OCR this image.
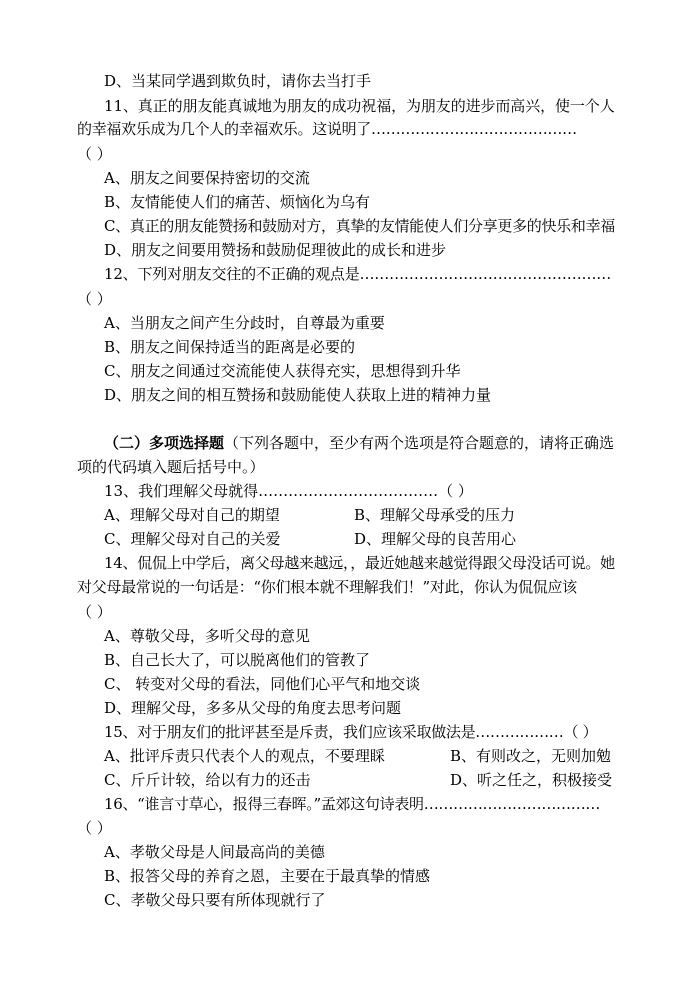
D、当某同学遇到欺负时，请你去当打手
11、真正的朋友能真诚地为朋友的成功祝福，为朋友的进步而高兴，使一个人
的幸福欢乐成为几个人的幸福欢乐。这说明了……………………………………
（ ）
A、朋友之间要保持密切的交流
B、友情能使人们的痛苦、烦恼化为乌有
C、真正的朋友能赞扬和鼓励对方，真挚的友情能使人们分享更多的快乐和幸福
D、朋友之间要用赞扬和鼓励促理彼此的成长和进步
12、下列对朋友交往的不正确的观点是……………………………………………
（ ）
A、当朋友之间产生分歧时，自尊最为重要
B、朋友之间保持适当的距离是必要的
C、朋友之间通过交流能使人获得充实，思想得到升华
D、朋友之间的相互赞扬和鼓励能使人获取上进的精神力量
（二）多项选择题（下列各题中，至少有两个选项是符合题意的，请将正确选
项的代码填入题后括号中。）
13、我们理解父母就得………………………………（ ）
A、理解父母对自己的期望	B、理解父母承受的压力
C、理解父母对自己的关爱	D、理解父母的良苦用心
14、侃侃上中学后，离父母越来越远，，最近她越来越觉得跟父母没话可说。她
对父母最常说的一句话是：“你们根本就不理解我们！”对此，你认为侃侃应该
（ ）
A、尊敬父母，多听父母的意见
B、自己长大了，可以脱离他们的管教了
C、 转变对父母的看法，同他们心平气和地交谈
D、理解父母，多多从父母的角度去思考问题
15、对于朋友们的批评甚至是斥责，我们应该采取做法是………………（ ）
A、批评斥责只代表个人的观点，不要理睬	B、有则改之，无则加勉
C、斤斤计较，给以有力的还击	D、听之任之，积极接受
16、“谁言寸草心，报得三春晖。”孟郊这句诗表明………………………………
（ ）
A、孝敬父母是人间最高尚的美德
B、报答父母的养育之恩，主要在于最真挚的情感
C、孝敬父母只要有所体现就行了
